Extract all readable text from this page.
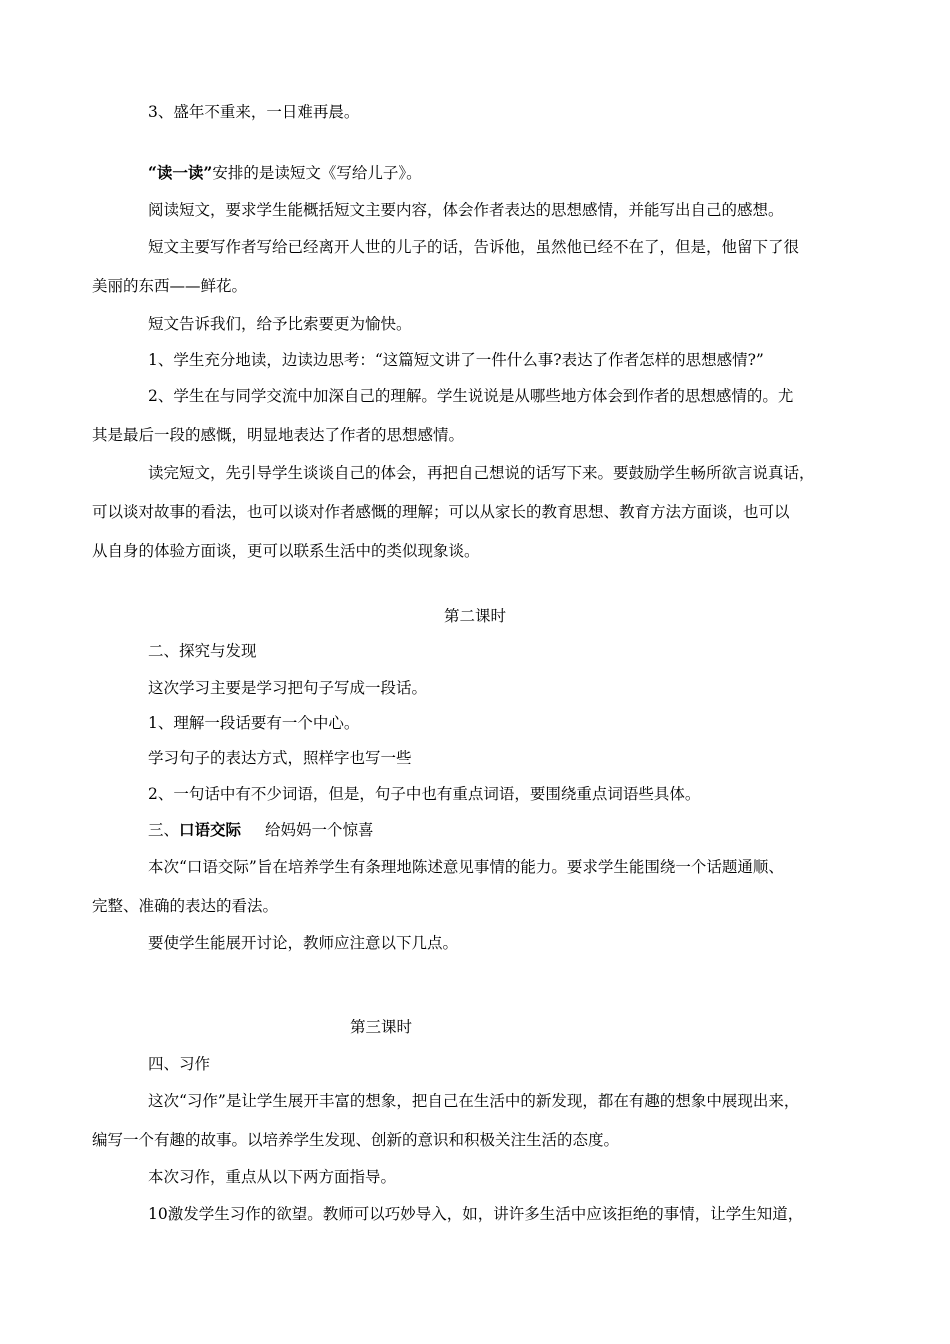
3、盛年不重来，一日难再晨。
“读一读”安排的是读短文《写给儿子》。
阅读短文，要求学生能概括短文主要内容，体会作者表达的思想感情，并能写出自己的感想。
短文主要写作者写给已经离开人世的儿子的话，告诉他，虽然他已经不在了，但是，他留下了很
美丽的东西——鲜花。
短文告诉我们，给予比索要更为愉快。
1、学生充分地读，边读边思考：“这篇短文讲了一件什么事?表达了作者怎样的思想感情?”
2、学生在与同学交流中加深自己的理解。学生说说是从哪些地方体会到作者的思想感情的。尤
其是最后一段的感慨，明显地表达了作者的思想感情。
读完短文，先引导学生谈谈自己的体会，再把自己想说的话写下来。要鼓励学生畅所欲言说真话，
可以谈对故事的看法，也可以谈对作者感慨的理解；可以从家长的教育思想、教育方法方面谈，也可以
从自身的体验方面谈，更可以联系生活中的类似现象谈。
第二课时
二、探究与发现
这次学习主要是学习把句子写成一段话。
1、理解一段话要有一个中心。
学习句子的表达方式，照样字也写一些
2、一句话中有不少词语，但是，句子中也有重点词语，要围绕重点词语些具体。
三、口语交际 给妈妈一个惊喜
本次“口语交际”旨在培养学生有条理地陈述意见事情的能力。要求学生能围绕一个话题通顺、
完整、准确的表达的看法。
要使学生能展开讨论，教师应注意以下几点。
第三课时
四、习作
这次“习作”是让学生展开丰富的想象，把自己在生活中的新发现，都在有趣的想象中展现出来，
编写一个有趣的故事。以培养学生发现、创新的意识和积极关注生活的态度。
本次习作，重点从以下两方面指导。
10激发学生习作的欲望。教师可以巧妙导入，如，讲许多生活中应该拒绝的事情，让学生知道，
